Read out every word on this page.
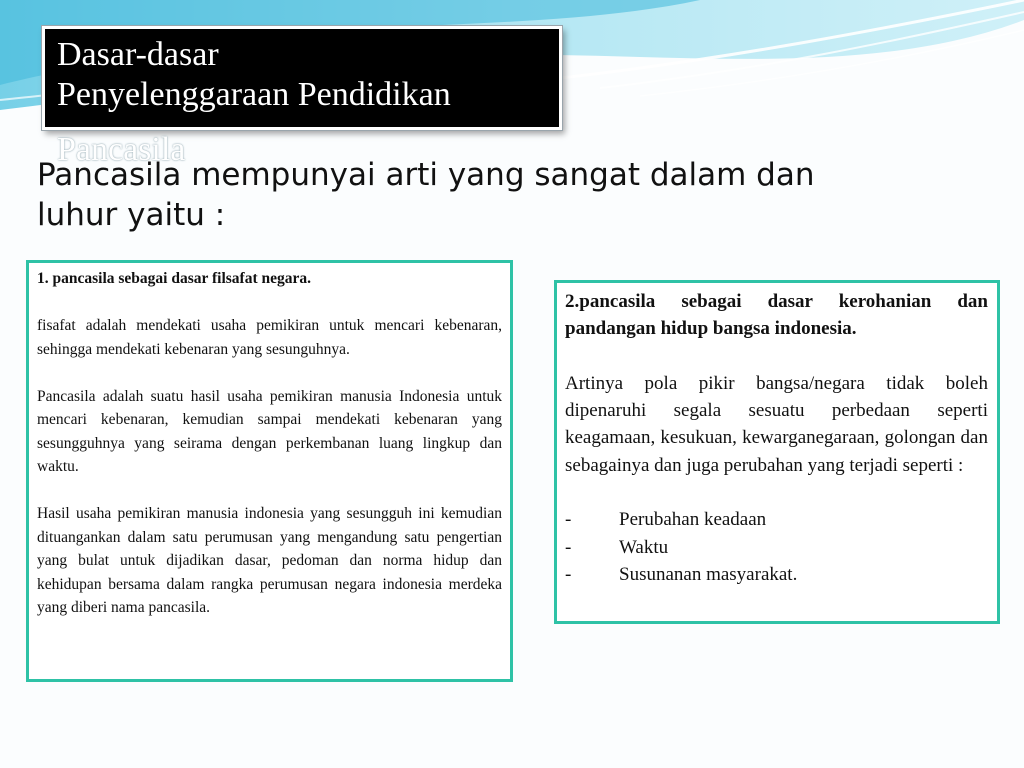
Dasar-dasar
Penyelenggaraan Pendidikan
Pancasila
Pancasila mempunyai arti yang sangat dalam dan luhur yaitu :

1. pancasila sebagai dasar filsafat negara.

fisafat adalah mendekati usaha pemikiran untuk mencari kebenaran, sehingga mendekati kebenaran yang sesunguhnya.

Pancasila adalah suatu hasil usaha pemikiran manusia Indonesia untuk mencari kebenaran, kemudian sampai mendekati kebenaran yang sesungguhnya yang seirama dengan perkembanan luang lingkup dan waktu.

Hasil usaha pemikiran manusia indonesia yang sesungguh ini kemudian dituangankan dalam satu perumusan yang mengandung satu pengertian yang bulat untuk dijadikan dasar, pedoman dan norma hidup dan kehidupan bersama dalam rangka perumusan negara indonesia merdeka yang diberi nama pancasila.

2.pancasila sebagai dasar kerohanian dan pandangan hidup bangsa indonesia.

Artinya pola pikir bangsa/negara tidak boleh dipenaruhi segala sesuatu perbedaan seperti keagamaan, kesukuan, kewarganegaraan, golongan dan sebagainya dan juga perubahan yang terjadi seperti :

-	Perubahan keadaan
-	Waktu
-	Susunanan masyarakat.
